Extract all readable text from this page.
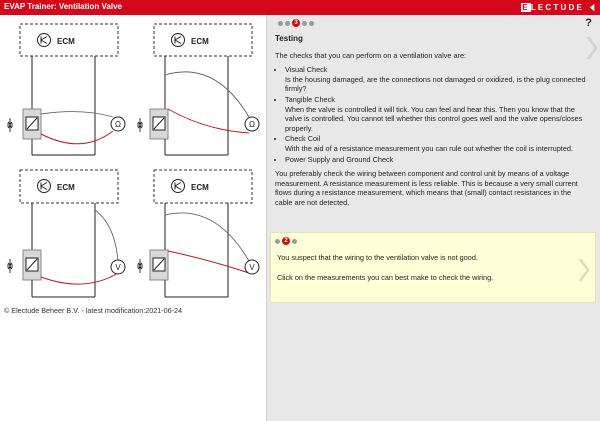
EVAP Trainer: Ventilation Valve	ELECTUDE
ECM
Ω
ECM
Ω
ECM
V
ECM
V
© Electude Beheer B.V. - latest modification:2021-06-24
3	?
Testing

The checks that you can perform on a ventilation valve are:

• Visual Check
Is the housing damaged, are the connections not damaged or oxidized, is the plug connected firmly?
• Tangible Check
When the valve is controlled it will tick. You can feel and hear this. Then you know that the valve is controlled. You cannot tell whether this control goes well and the valve opens/closes properly.
• Check Coil
With the aid of a resistance measurement you can rule out whether the coil is interrupted.
• Power Supply and Ground Check

You preferably check the wiring between component and control unit by means of a voltage measurement. A resistance measurement is less reliable. This is because a very small current flows during a resistance measurement, which means that (small) contact resistances in the cable are not detected.

2
You suspect that the wiring to the ventilation valve is not good.
Click on the measurements you can best make to check the wiring.
